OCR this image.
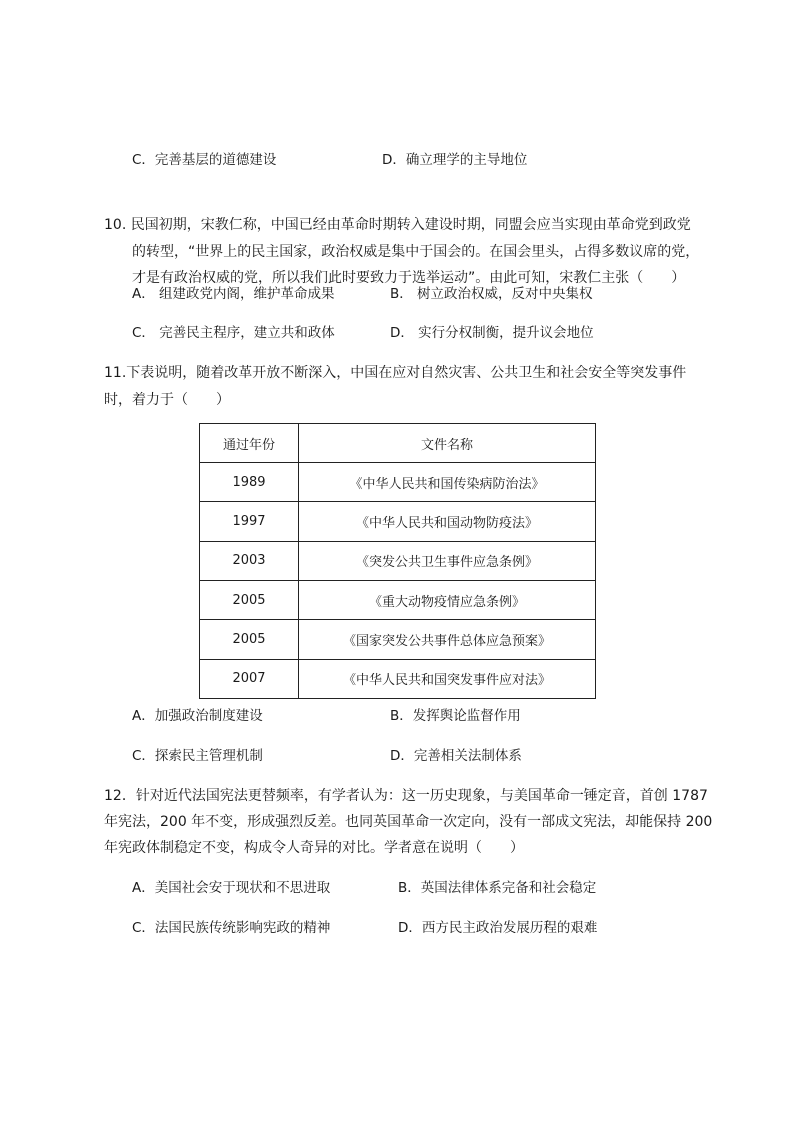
C．完善基层的道德建设	D．确立理学的主导地位
10. 民国初期，宋教仁称，中国已经由革命时期转入建设时期，同盟会应当实现由革命党到政党
的转型，“世界上的民主国家，政治权威是集中于国会的。在国会里头，占得多数议席的党，
才是有政治权威的党，所以我们此时要致力于选举运动”。由此可知，宋教仁主张（　　）
A． 组建政党内阁，维护革命成果	B． 树立政治权威，反对中央集权
C． 完善民主程序，建立共和政体	D． 实行分权制衡，提升议会地位
11.下表说明，随着改革开放不断深入，中国在应对自然灾害、公共卫生和社会安全等突发事件
时，着力于（　　）
通过年份	文件名称
1989	《中华人民共和国传染病防治法》
1997	《中华人民共和国动物防疫法》
2003	《突发公共卫生事件应急条例》
2005	《重大动物疫情应急条例》
2005	《国家突发公共事件总体应急预案》
2007	《中华人民共和国突发事件应对法》
A．加强政治制度建设	B．发挥舆论监督作用
C．探索民主管理机制	D．完善相关法制体系
12．针对近代法国宪法更替频率，有学者认为：这一历史现象，与美国革命一锤定音，首创 1787
年宪法，200 年不变，形成强烈反差。也同英国革命一次定向，没有一部成文宪法，却能保持 200
年宪政体制稳定不变，构成令人奇异的对比。学者意在说明（　　）
A．美国社会安于现状和不思进取	B．英国法律体系完备和社会稳定
C．法国民族传统影响宪政的精神	D．西方民主政治发展历程的艰难
